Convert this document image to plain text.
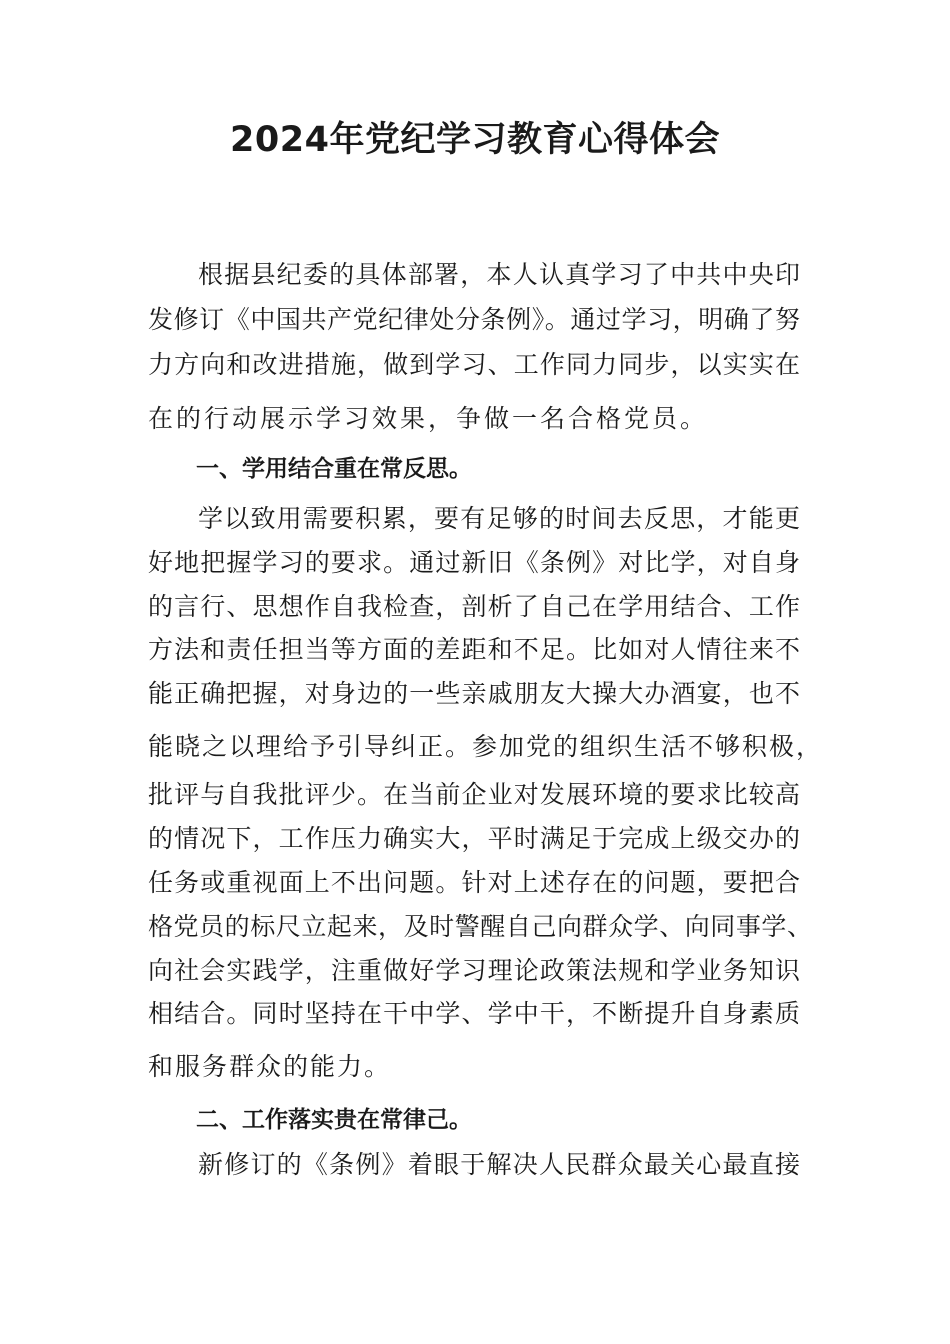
2024年党纪学习教育心得体会
根据县纪委的具体部署，本人认真学习了中共中央印
发修订《中国共产党纪律处分条例》。通过学习，明确了努
力方向和改进措施，做到学习、工作同力同步，以实实在
在的行动展示学习效果，争做一名合格党员。
一、学用结合重在常反思。
学以致用需要积累，要有足够的时间去反思，才能更
好地把握学习的要求。通过新旧《条例》对比学，对自身
的言行、思想作自我检查，剖析了自己在学用结合、工作
方法和责任担当等方面的差距和不足。比如对人情往来不
能正确把握，对身边的一些亲戚朋友大操大办酒宴，也不
能晓之以理给予引导纠正。参加党的组织生活不够积极，
批评与自我批评少。在当前企业对发展环境的要求比较高
的情况下，工作压力确实大，平时满足于完成上级交办的
任务或重视面上不出问题。针对上述存在的问题，要把合
格党员的标尺立起来，及时警醒自己向群众学、向同事学、
向社会实践学，注重做好学习理论政策法规和学业务知识
相结合。同时坚持在干中学、学中干，不断提升自身素质
和服务群众的能力。
二、工作落实贵在常律己。
新修订的《条例》着眼于解决人民群众最关心最直接
